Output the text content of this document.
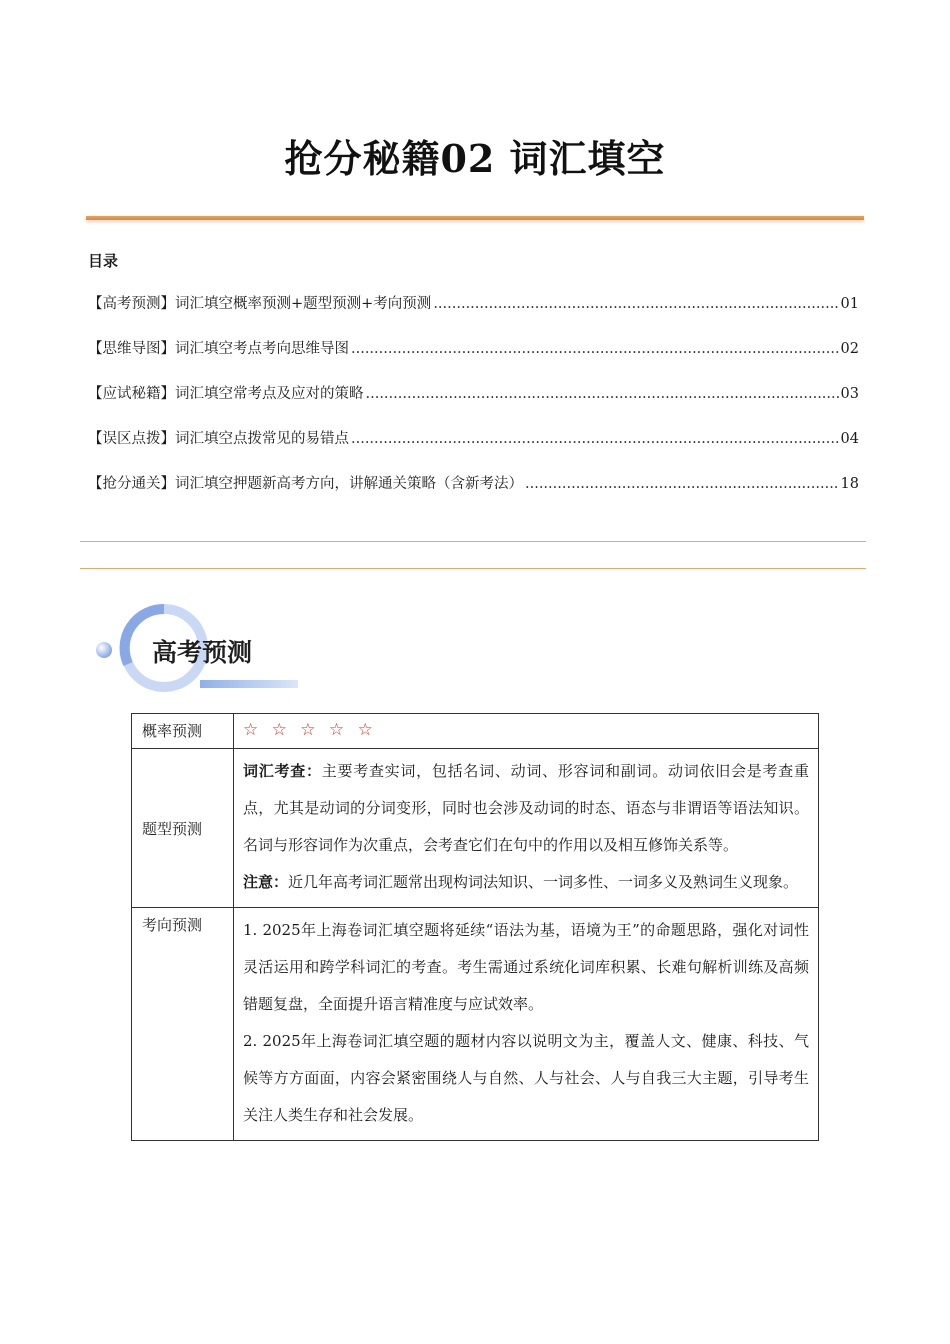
抢分秘籍02 词汇填空
目录
【高考预测】 词汇填空概率预测+题型预测+考向预测 .....	01
【思维导图】 词汇填空考点考向思维导图 .....	02
【应试秘籍】 词汇填空常考点及应对的策略 .....	03
【误区点拨】 词汇填空点拨常见的易错点 .....	04
【抢分通关】 词汇填空押题新高考方向，讲解通关策略（含新考法） .....	18
高考预测
概率预测	☆ ☆ ☆ ☆ ☆

题型预测	词汇考查：主要考查实词，包括名词、动词、形容词和副词。动词依旧会是考查重点，尤其是动词的分词变形，同时也会涉及动词的时态、语态与非谓语等语法知识。名词与形容词作为次重点，会考查它们在句中的作用以及相互修饰关系等。
注意：近几年高考词汇题常出现构词法知识、一词多性、一词多义及熟词生义现象。

考向预测	1. 2025年上海卷词汇填空题将延续“语法为基，语境为王”的命题思路，强化对词性灵活运用和跨学科词汇的考查。考生需通过系统化词库积累、长难句解析训练及高频错题复盘，全面提升语言精准度与应试效率。
2. 2025年上海卷词汇填空题的题材内容以说明文为主，覆盖人文、健康、科技、气候等方方面面，内容会紧密围绕人与自然、人与社会、人与自我三大主题，引导考生关注人类生存和社会发展。
